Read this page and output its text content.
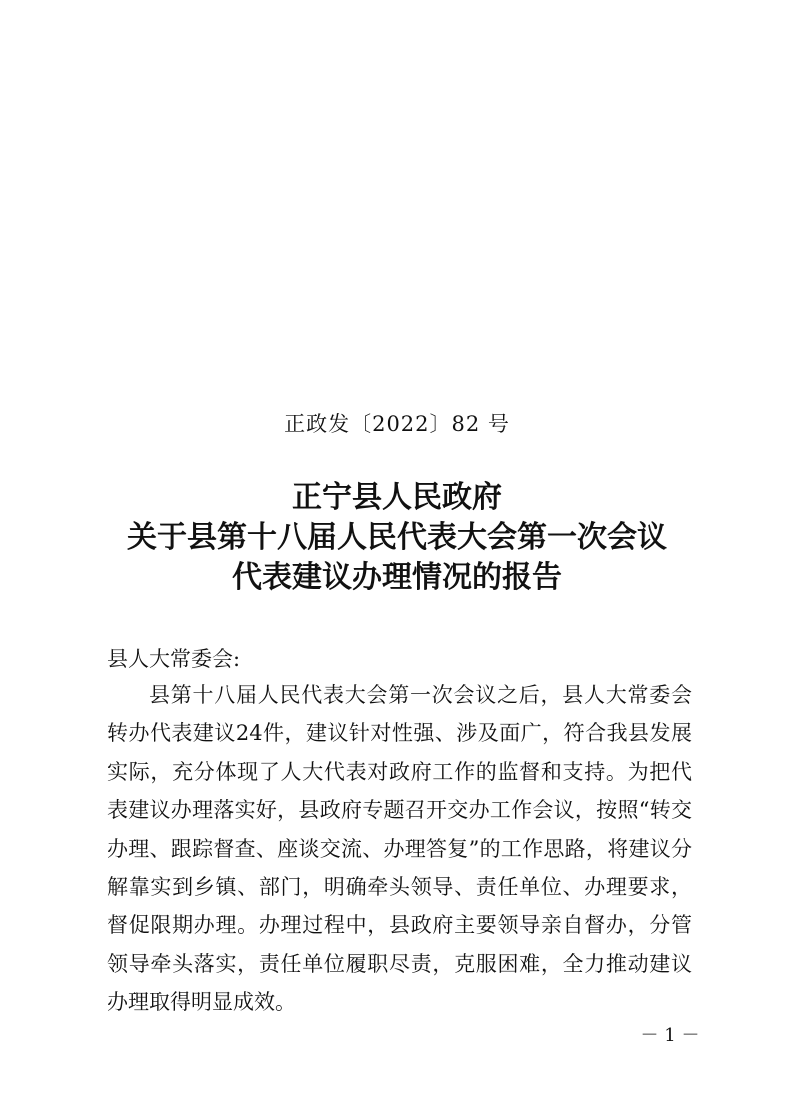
正政发〔2022〕82 号
正宁县人民政府
关于县第十八届人民代表大会第一次会议
代表建议办理情况的报告
县人大常委会:
县第十八届人民代表大会第一次会议之后，县人大常委会转办代表建议24件，建议针对性强、涉及面广，符合我县发展实际，充分体现了人大代表对政府工作的监督和支持。为把代表建议办理落实好，县政府专题召开交办工作会议，按照“转交办理、跟踪督查、座谈交流、办理答复”的工作思路，将建议分解靠实到乡镇、部门，明确牵头领导、责任单位、办理要求，督促限期办理。办理过程中，县政府主要领导亲自督办，分管领导牵头落实，责任单位履职尽责，克服困难，全力推动建议办理取得明显成效。
－ 1 －
